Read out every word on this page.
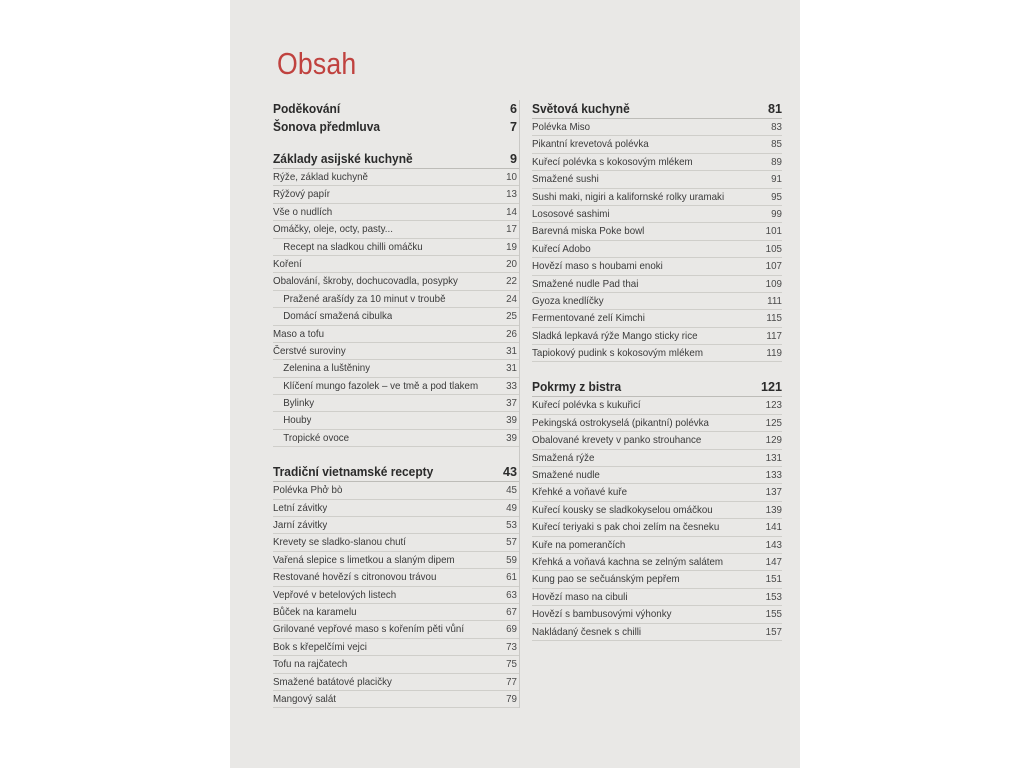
Obsah
Poděkování	6
Šonova předmluva	7
Základy asijské kuchyně	9
Rýže, základ kuchyně	10
Rýžový papír	13
Vše o nudlích	14
Omáčky, oleje, octy, pasty...	17
Recept na sladkou chilli omáčku	19
Koření	20
Obalování, škroby, dochucovadla, posypky	22
Pražené arašídy za 10 minut v troubě	24
Domácí smažená cibulka	25
Maso a tofu	26
Čerstvé suroviny	31
Zelenina a luštěniny	31
Klíčení mungo fazolek – ve tmě a pod tlakem	33
Bylinky	37
Houby	39
Tropické ovoce	39
Tradiční vietnamské recepty	43
Polévka Phở bò	45
Letní závitky	49
Jarní závitky	53
Krevety se sladko-slanou chutí	57
Vařená slepice s limetkou a slaným dipem	59
Restované hovězí s citronovou trávou	61
Vepřové v betelových listech	63
Bůček na karamelu	67
Grilované vepřové maso s kořením pěti vůní	69
Bok s křepelčími vejci	73
Tofu na rajčatech	75
Smažené batátové placičky	77
Mangový salát	79
Světová kuchyně	81
Polévka Miso	83
Pikantní krevetová polévka	85
Kuřecí polévka s kokosovým mlékem	89
Smažené sushi	91
Sushi maki, nigiri a kalifornské rolky uramaki	95
Lososové sashimi	99
Barevná miska Poke bowl	101
Kuřecí Adobo	105
Hovězí maso s houbami enoki	107
Smažené nudle Pad thai	109
Gyoza knedlíčky	111
Fermentované zelí Kimchi	115
Sladká lepkavá rýže Mango sticky rice	117
Tapiokový pudink s kokosovým mlékem	119
Pokrmy z bistra	121
Kuřecí polévka s kukuřicí	123
Pekingská ostrokyselá (pikantní) polévka	125
Obalované krevety v panko strouhance	129
Smažená rýže	131
Smažené nudle	133
Křehké a voňavé kuře	137
Kuřecí kousky se sladkokyselou omáčkou	139
Kuřecí teriyaki s pak choi zelím na česneku	141
Kuře na pomerančích	143
Křehká a voňavá kachna se zelným salátem	147
Kung pao se sečuánským pepřem	151
Hovězí maso na cibuli	153
Hovězí s bambusovými výhonky	155
Nakládaný česnek s chilli	157
